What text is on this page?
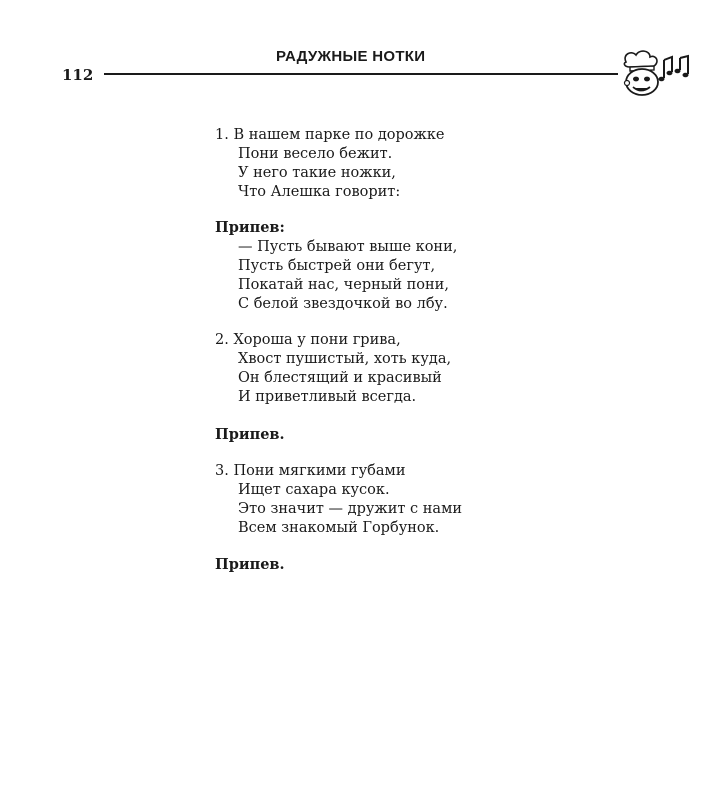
РАДУЖНЫЕ НОТКИ
112
1. В нашем парке по дорожке
Пони весело бежит.
У него такие ножки,
Что Алешка говорит:
Припев:
— Пусть бывают выше кони,
Пусть быстрей они бегут,
Покатай нас, черный пони,
С белой звездочкой во лбу.
2. Хороша у пони грива,
Хвост пушистый, хоть куда,
Он блестящий и красивый
И приветливый всегда.
Припев.
3. Пони мягкими губами
Ищет сахара кусок.
Это значит — дружит с нами
Всем знакомый Горбунок.
Припев.
